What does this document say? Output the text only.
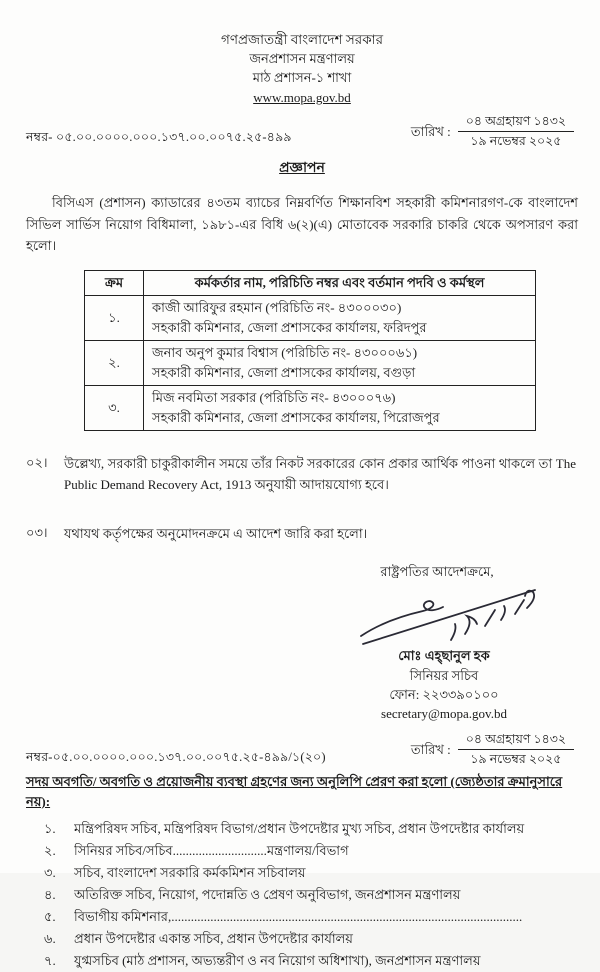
গণপ্রজাতন্ত্রী বাংলাদেশ সরকার
জনপ্রশাসন মন্ত্রণালয়
মাঠ প্রশাসন-১ শাখা
www.mopa.gov.bd
নম্বর- ০৫.০০.০০০০.০০০.১৩৭.০০.০০৭৫.২৫-৪৯৯	তারিখ :
০৪ অগ্রহায়ণ ১৪৩২
১৯ নভেম্বর ২০২৫
প্রজ্ঞাপন
বিসিএস (প্রশাসন) ক্যাডারের ৪৩তম ব্যাচের নিম্নবর্ণিত শিক্ষানবিশ সহকারী কমিশনারগণ-কে বাংলাদেশ সিভিল সার্ভিস নিয়োগ বিধিমালা, ১৯৮১-এর বিধি ৬(২)(এ) মোতাবেক সরকারি চাকরি থেকে অপসারণ করা হলো।
ক্রম	কর্মকর্তার নাম, পরিচিতি নম্বর এবং বর্তমান পদবি ও কর্মস্থল
১.	কাজী আরিফুর রহমান (পরিচিতি নং- ৪৩০০০৩০)
সহকারী কমিশনার, জেলা প্রশাসকের কার্যালয়, ফরিদপুর

২.	জনাব অনুপ কুমার বিশ্বাস (পরিচিতি নং- ৪৩০০০৬১)
সহকারী কমিশনার, জেলা প্রশাসকের কার্যালয়, বগুড়া

৩.	মিজ নবমিতা সরকার (পরিচিতি নং- ৪৩০০০৭৬)
সহকারী কমিশনার, জেলা প্রশাসকের কার্যালয়, পিরোজপুর
০২।	উল্লেখ্য, সরকারী চাকুরীকালীন সময়ে তাঁর নিকট সরকারের কোন প্রকার আর্থিক পাওনা থাকলে তা The Public Demand Recovery Act, 1913 অনুযায়ী আদায়যোগ্য হবে।
০৩।	যথাযথ কর্তৃপক্ষের অনুমোদনক্রমে এ আদেশ জারি করা হলো।
রাষ্ট্রপতির আদেশক্রমে,
মোঃ এহ্‌ছানুল হক
সিনিয়র সচিব
ফোন: ২২৩৩৯০১০০
secretary@mopa.gov.bd
নম্বর-০৫.০০.০০০০.০০০.১৩৭.০০.০০৭৫.২৫-৪৯৯/১(২০)
তারিখ :
০৪ অগ্রহায়ণ ১৪৩২
১৯ নভেম্বর ২০২৫
সদয় অবগতি/ অবগতি ও প্রয়োজনীয় ব্যবস্থা গ্রহণের জন্য অনুলিপি প্রেরণ করা হলো (জ্যেষ্ঠতার ক্রমানুসারে নয়):
১.	মন্ত্রিপরিষদ সচিব, মন্ত্রিপরিষদ বিভাগ/প্রধান উপদেষ্টার মুখ্য সচিব, প্রধান উপদেষ্টার কার্যালয়
২.	সিনিয়র সচিব/সচিব.............................মন্ত্রণালয়/বিভাগ
৩.	সচিব, বাংলাদেশ সরকারি কর্মকমিশন সচিবালয়
৪.	অতিরিক্ত সচিব, নিয়োগ, পদোন্নতি ও প্রেষণ অনুবিভাগ, জনপ্রশাসন মন্ত্রণালয়
৫.	বিভাগীয় কমিশনার,............................................................................................................
৬.	প্রধান উপদেষ্টার একান্ত সচিব, প্রধান উপদেষ্টার কার্যালয়
৭.	যুগ্মসচিব (মাঠ প্রশাসন, অভ্যন্তরীণ ও নব নিয়োগ অধিশাখা), জনপ্রশাসন মন্ত্রণালয়
